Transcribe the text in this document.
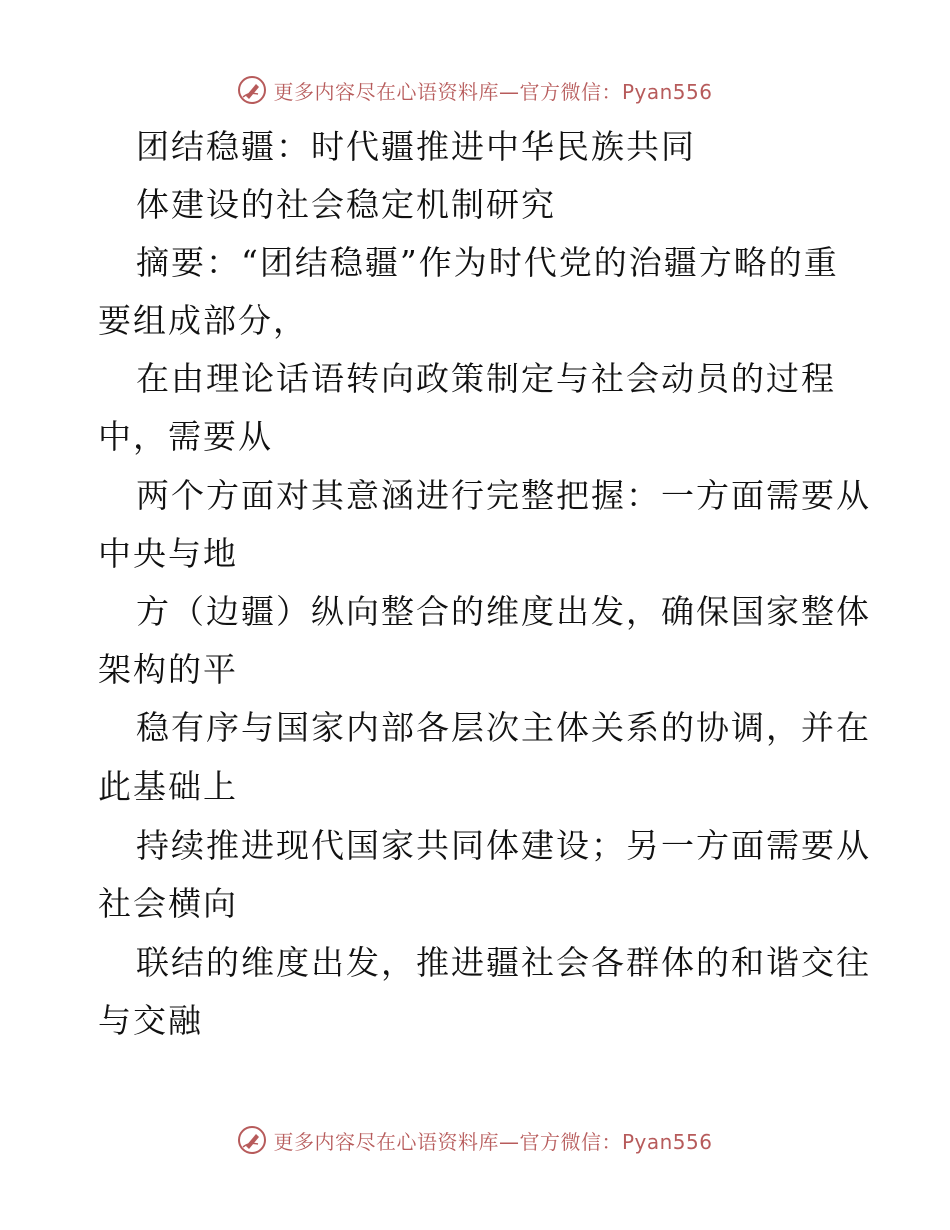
更多内容尽在心语资料库—官方微信：Pyan556
团结稳疆：时代疆推进中华民族共同
体建设的社会稳定机制研究
摘要：“团结稳疆”作为时代党的治疆方略的重
要组成部分，
在由理论话语转向政策制定与社会动员的过程
中，需要从
两个方面对其意涵进行完整把握：一方面需要从
中央与地
方（边疆）纵向整合的维度出发，确保国家整体
架构的平
稳有序与国家内部各层次主体关系的协调，并在
此基础上
持续推进现代国家共同体建设；另一方面需要从
社会横向
联结的维度出发，推进疆社会各群体的和谐交往
与交融
更多内容尽在心语资料库—官方微信：Pyan556
